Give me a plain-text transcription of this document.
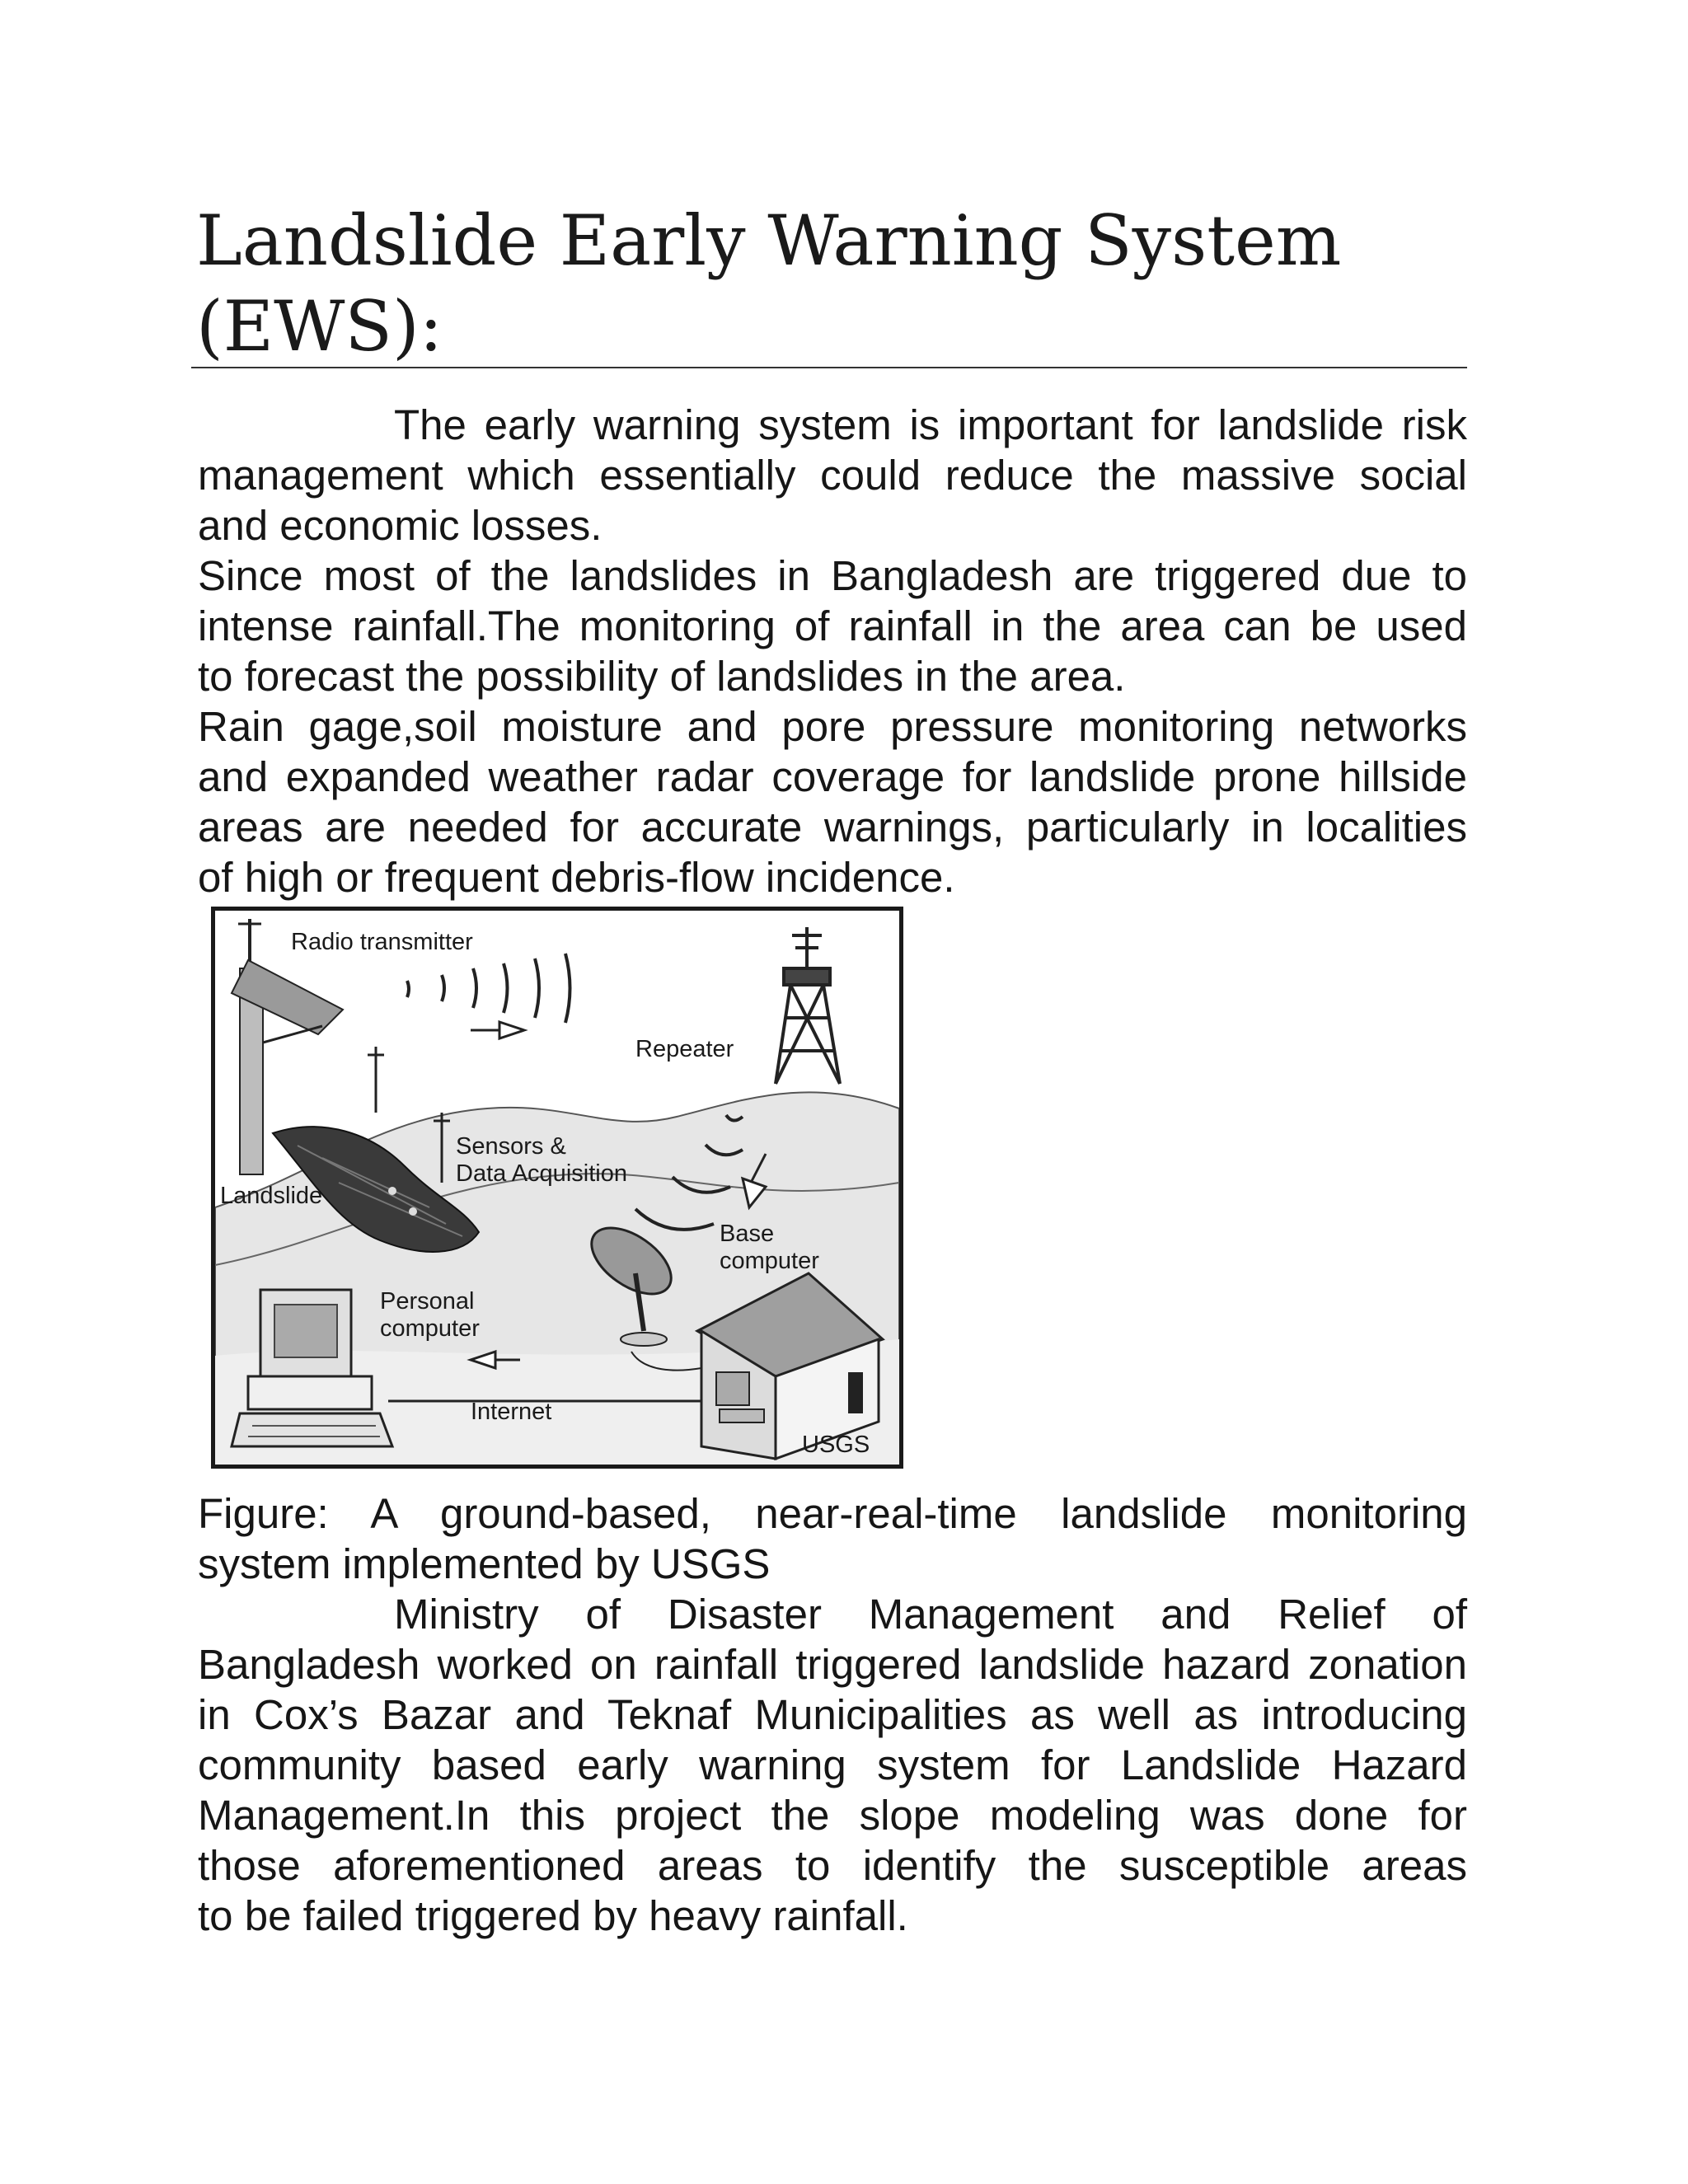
Landslide Early Warning System
(EWS):
The early warning system is important for landslide risk
management which essentially could reduce the massive social
and economic losses.
Since most of the landslides in Bangladesh are triggered due to
intense rainfall.The monitoring of rainfall in the area can be used
to forecast the possibility of landslides in the area.
Rain gage,soil moisture and pore pressure monitoring networks
and expanded weather radar coverage for landslide prone hillside
areas are needed for accurate warnings, particularly in localities
of high or frequent debris-flow incidence.
Radio transmitter
Repeater
Sensors &
Data Acquisition
Landslide
Base
computer
Personal
computer
Internet
USGS
Figure: A ground-based, near-real-time landslide monitoring
system implemented by USGS
Ministry of Disaster Management and Relief of
Bangladesh worked on rainfall triggered landslide hazard zonation
in Cox’s Bazar and Teknaf Municipalities as well as introducing
community based early warning system for Landslide Hazard
Management.In this project the slope modeling was done for
those aforementioned areas to identify the susceptible areas
to be failed triggered by heavy rainfall.
